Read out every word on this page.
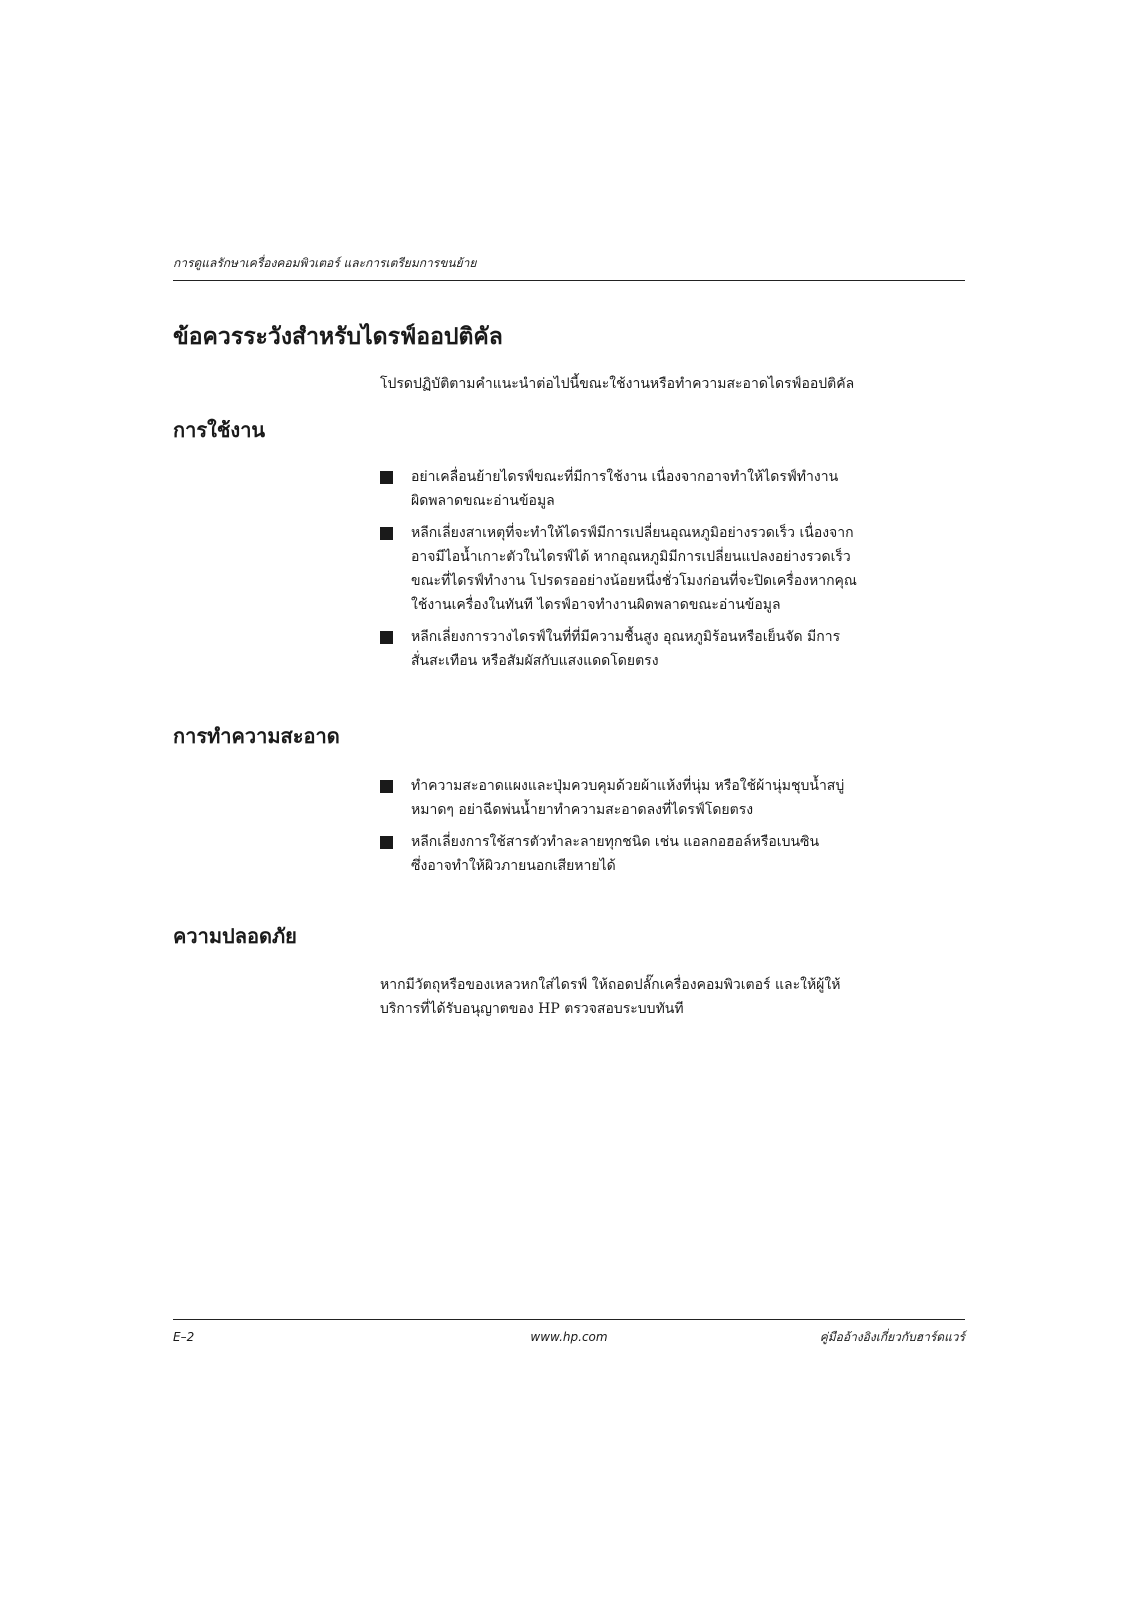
การดูแลรักษาเครื่องคอมพิวเตอร์ และการเตรียมการขนย้าย
ข้อควรระวังสำหรับไดรฟ์ออปติคัล

โปรดปฏิบัติตามคำแนะนำต่อไปนี้ขณะใช้งานหรือทำความสะอาดไดรฟ์ออปติคัล

การใช้งาน
อย่าเคลื่อนย้ายไดรฟ์ขณะที่มีการใช้งาน เนื่องจากอาจทำให้ไดรฟ์ทำงาน
ผิดพลาดขณะอ่านข้อมูล
หลีกเลี่ยงสาเหตุที่จะทำให้ไดรฟ์มีการเปลี่ยนอุณหภูมิอย่างรวดเร็ว เนื่องจาก
อาจมีไอน้ำเกาะตัวในไดรฟ์ได้ หากอุณหภูมิมีการเปลี่ยนแปลงอย่างรวดเร็ว
ขณะที่ไดรฟ์ทำงาน โปรดรออย่างน้อยหนึ่งชั่วโมงก่อนที่จะปิดเครื่องหากคุณ
ใช้งานเครื่องในทันที ไดรฟ์อาจทำงานผิดพลาดขณะอ่านข้อมูล
หลีกเลี่ยงการวางไดรฟ์ในที่ที่มีความชื้นสูง อุณหภูมิร้อนหรือเย็นจัด มีการ
สั่นสะเทือน หรือสัมผัสกับแสงแดดโดยตรง
การทำความสะอาด
ทำความสะอาดแผงและปุ่มควบคุมด้วยผ้าแห้งที่นุ่ม หรือใช้ผ้านุ่มชุบน้ำสบู่
หมาดๆ อย่าฉีดพ่นน้ำยาทำความสะอาดลงที่ไดรฟ์โดยตรง
หลีกเลี่ยงการใช้สารตัวทำละลายทุกชนิด เช่น แอลกอฮอล์หรือเบนซิน
ซึ่งอาจทำให้ผิวภายนอกเสียหายได้
ความปลอดภัย

หากมีวัตถุหรือของเหลวหกใส่ไดรฟ์ ให้ถอดปลั๊กเครื่องคอมพิวเตอร์ และให้ผู้ให้
บริการที่ได้รับอนุญาตของ HP ตรวจสอบระบบทันที

E–2	www.hp.com	คู่มืออ้างอิงเกี่ยวกับฮาร์ดแวร์
